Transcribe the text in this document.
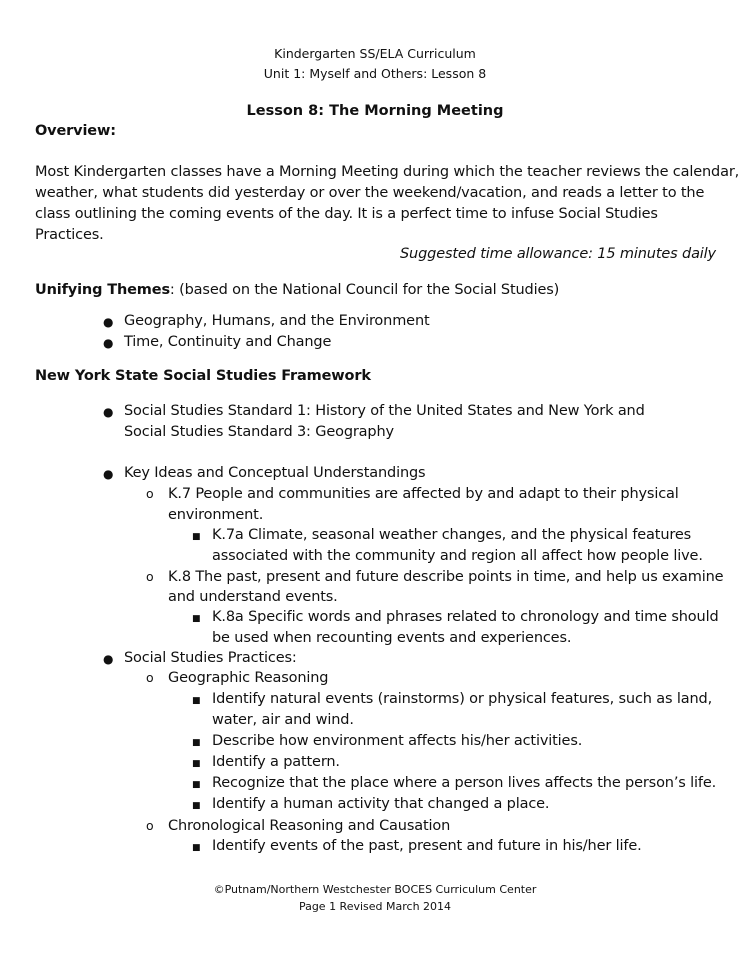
Kindergarten SS/ELA Curriculum
Unit 1: Myself and Others: Lesson 8
Lesson 8: The Morning Meeting
Overview:
Most Kindergarten classes have a Morning Meeting during which the teacher reviews the calendar,
weather, what students did yesterday or over the weekend/vacation, and reads a letter to the
class outlining the coming events of the day. It is a perfect time to infuse Social Studies
Practices.
Suggested time allowance: 15 minutes daily
Unifying Themes: (based on the National Council for the Social Studies)
● Geography, Humans, and the Environment
● Time, Continuity and Change
New York State Social Studies Framework
● Social Studies Standard 1: History of the United States and New York and
Social Studies Standard 3: Geography
● Key Ideas and Conceptual Understandings
o K.7 People and communities are affected by and adapt to their physical
environment.
■ K.7a Climate, seasonal weather changes, and the physical features
associated with the community and region all affect how people live.
o K.8 The past, present and future describe points in time, and help us examine
and understand events.
■ K.8a Specific words and phrases related to chronology and time should
be used when recounting events and experiences.
● Social Studies Practices:
o Geographic Reasoning
■ Identify natural events (rainstorms) or physical features, such as land,
water, air and wind.
■ Describe how environment affects his/her activities.
■ Identify a pattern.
■ Recognize that the place where a person lives affects the person’s life.
■ Identify a human activity that changed a place.
o Chronological Reasoning and Causation
■ Identify events of the past, present and future in his/her life.
©Putnam/Northern Westchester BOCES Curriculum Center
Page 1 Revised March 2014
